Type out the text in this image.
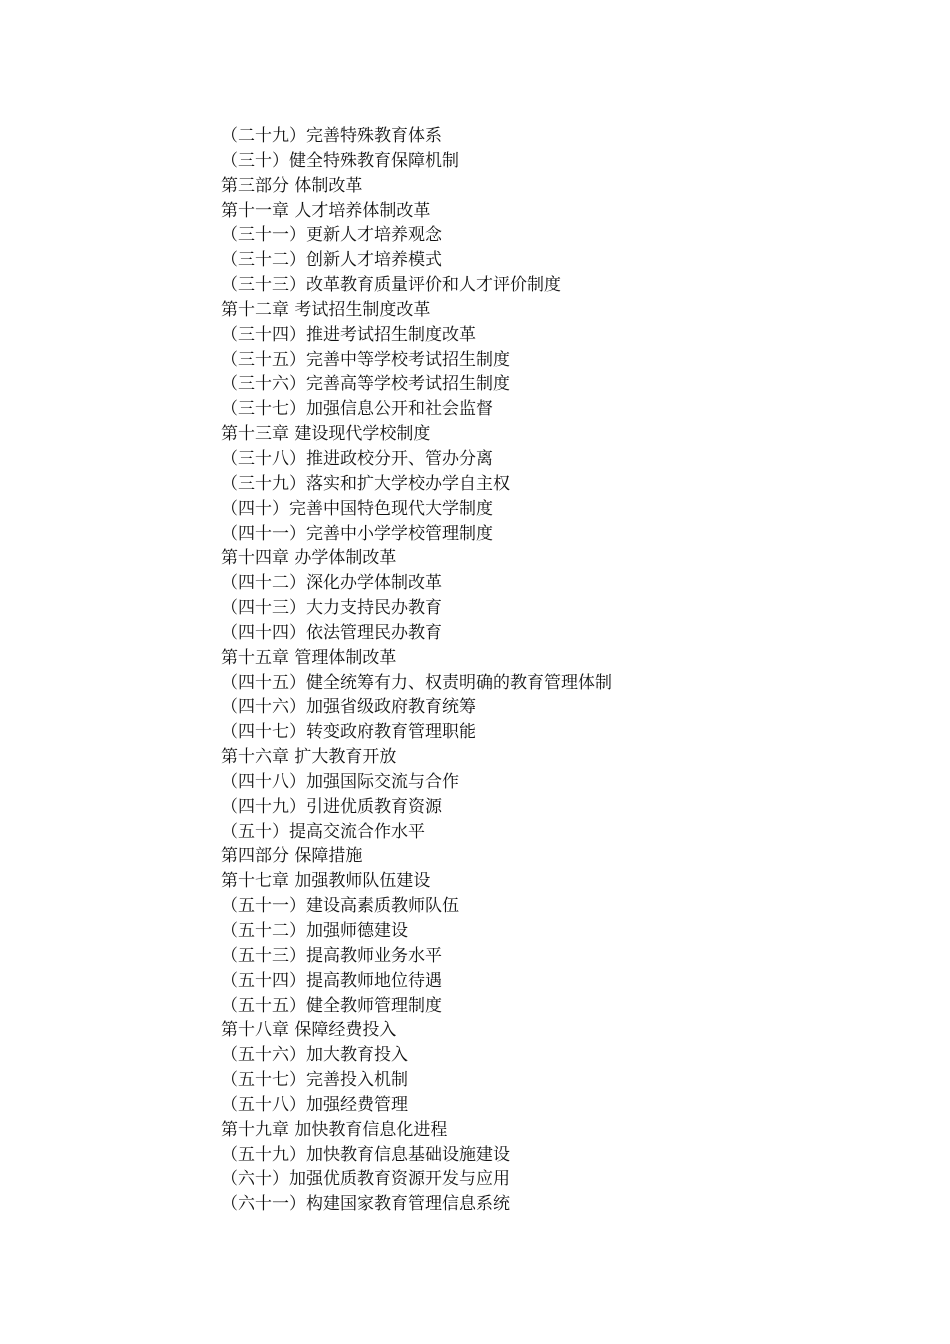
（二十九）完善特殊教育体系
（三十）健全特殊教育保障机制
第三部分 体制改革
第十一章 人才培养体制改革
（三十一）更新人才培养观念
（三十二）创新人才培养模式
（三十三）改革教育质量评价和人才评价制度
第十二章 考试招生制度改革
（三十四）推进考试招生制度改革
（三十五）完善中等学校考试招生制度
（三十六）完善高等学校考试招生制度
（三十七）加强信息公开和社会监督
第十三章 建设现代学校制度
（三十八）推进政校分开、管办分离
（三十九）落实和扩大学校办学自主权
（四十）完善中国特色现代大学制度
（四十一）完善中小学学校管理制度
第十四章 办学体制改革
（四十二）深化办学体制改革
（四十三）大力支持民办教育
（四十四）依法管理民办教育
第十五章 管理体制改革
（四十五）健全统筹有力、权责明确的教育管理体制
（四十六）加强省级政府教育统筹
（四十七）转变政府教育管理职能
第十六章 扩大教育开放
（四十八）加强国际交流与合作
（四十九）引进优质教育资源
（五十）提高交流合作水平
第四部分 保障措施
第十七章 加强教师队伍建设
（五十一）建设高素质教师队伍
（五十二）加强师德建设
（五十三）提高教师业务水平
（五十四）提高教师地位待遇
（五十五）健全教师管理制度
第十八章 保障经费投入
（五十六）加大教育投入
（五十七）完善投入机制
（五十八）加强经费管理
第十九章 加快教育信息化进程
（五十九）加快教育信息基础设施建设
（六十）加强优质教育资源开发与应用
（六十一）构建国家教育管理信息系统
